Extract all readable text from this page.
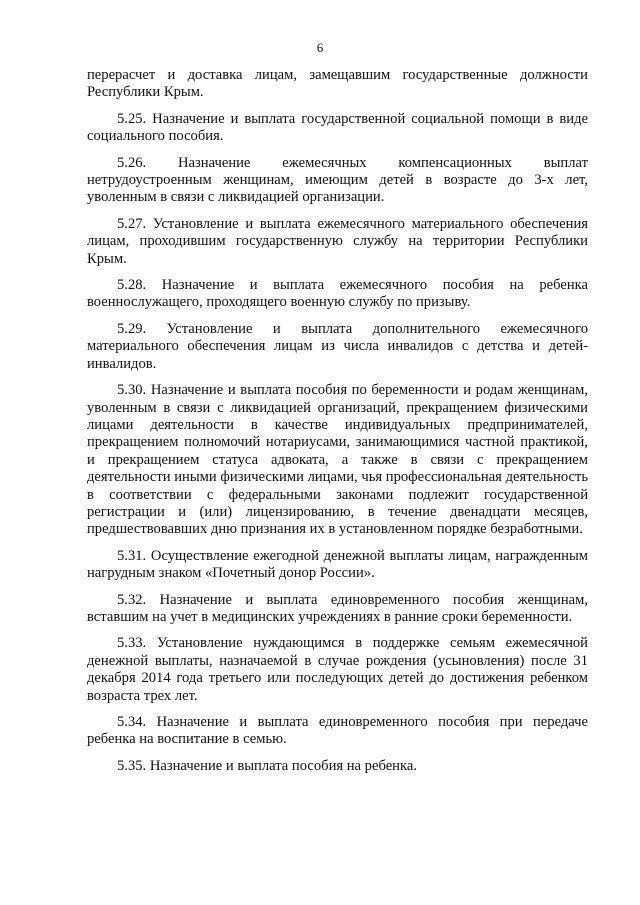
6

перерасчет и доставка лицам, замещавшим государственные должности Республики Крым.

5.25. Назначение и выплата государственной социальной помощи в виде социального пособия.

5.26. Назначение ежемесячных компенсационных выплат нетрудоустроенным женщинам, имеющим детей в возрасте до 3-х лет, уволенным в связи с ликвидацией организации.

5.27. Установление и выплата ежемесячного материального обеспечения лицам, проходившим государственную службу на территории Республики Крым.

5.28. Назначение и выплата ежемесячного пособия на ребенка военнослужащего, проходящего военную службу по призыву.

5.29. Установление и выплата дополнительного ежемесячного материального обеспечения лицам из числа инвалидов с детства и детей-инвалидов.

5.30. Назначение и выплата пособия по беременности и родам женщинам, уволенным в связи с ликвидацией организаций, прекращением физическими лицами деятельности в качестве индивидуальных предпринимателей, прекращением полномочий нотариусами, занимающимися частной практикой, и прекращением статуса адвоката, а также в связи с прекращением деятельности иными физическими лицами, чья профессиональная деятельность в соответствии с федеральными законами подлежит государственной регистрации и (или) лицензированию, в течение двенадцати месяцев, предшествовавших дню признания их в установленном порядке безработными.

5.31. Осуществление ежегодной денежной выплаты лицам, награжденным нагрудным знаком «Почетный донор России».

5.32. Назначение и выплата единовременного пособия женщинам, вставшим на учет в медицинских учреждениях в ранние сроки беременности.

5.33. Установление нуждающимся в поддержке семьям ежемесячной денежной выплаты, назначаемой в случае рождения (усыновления) после 31 декабря 2014 года третьего или последующих детей до достижения ребенком возраста трех лет.

5.34. Назначение и выплата единовременного пособия при передаче ребенка на воспитание в семью.

5.35. Назначение и выплата пособия на ребенка.
